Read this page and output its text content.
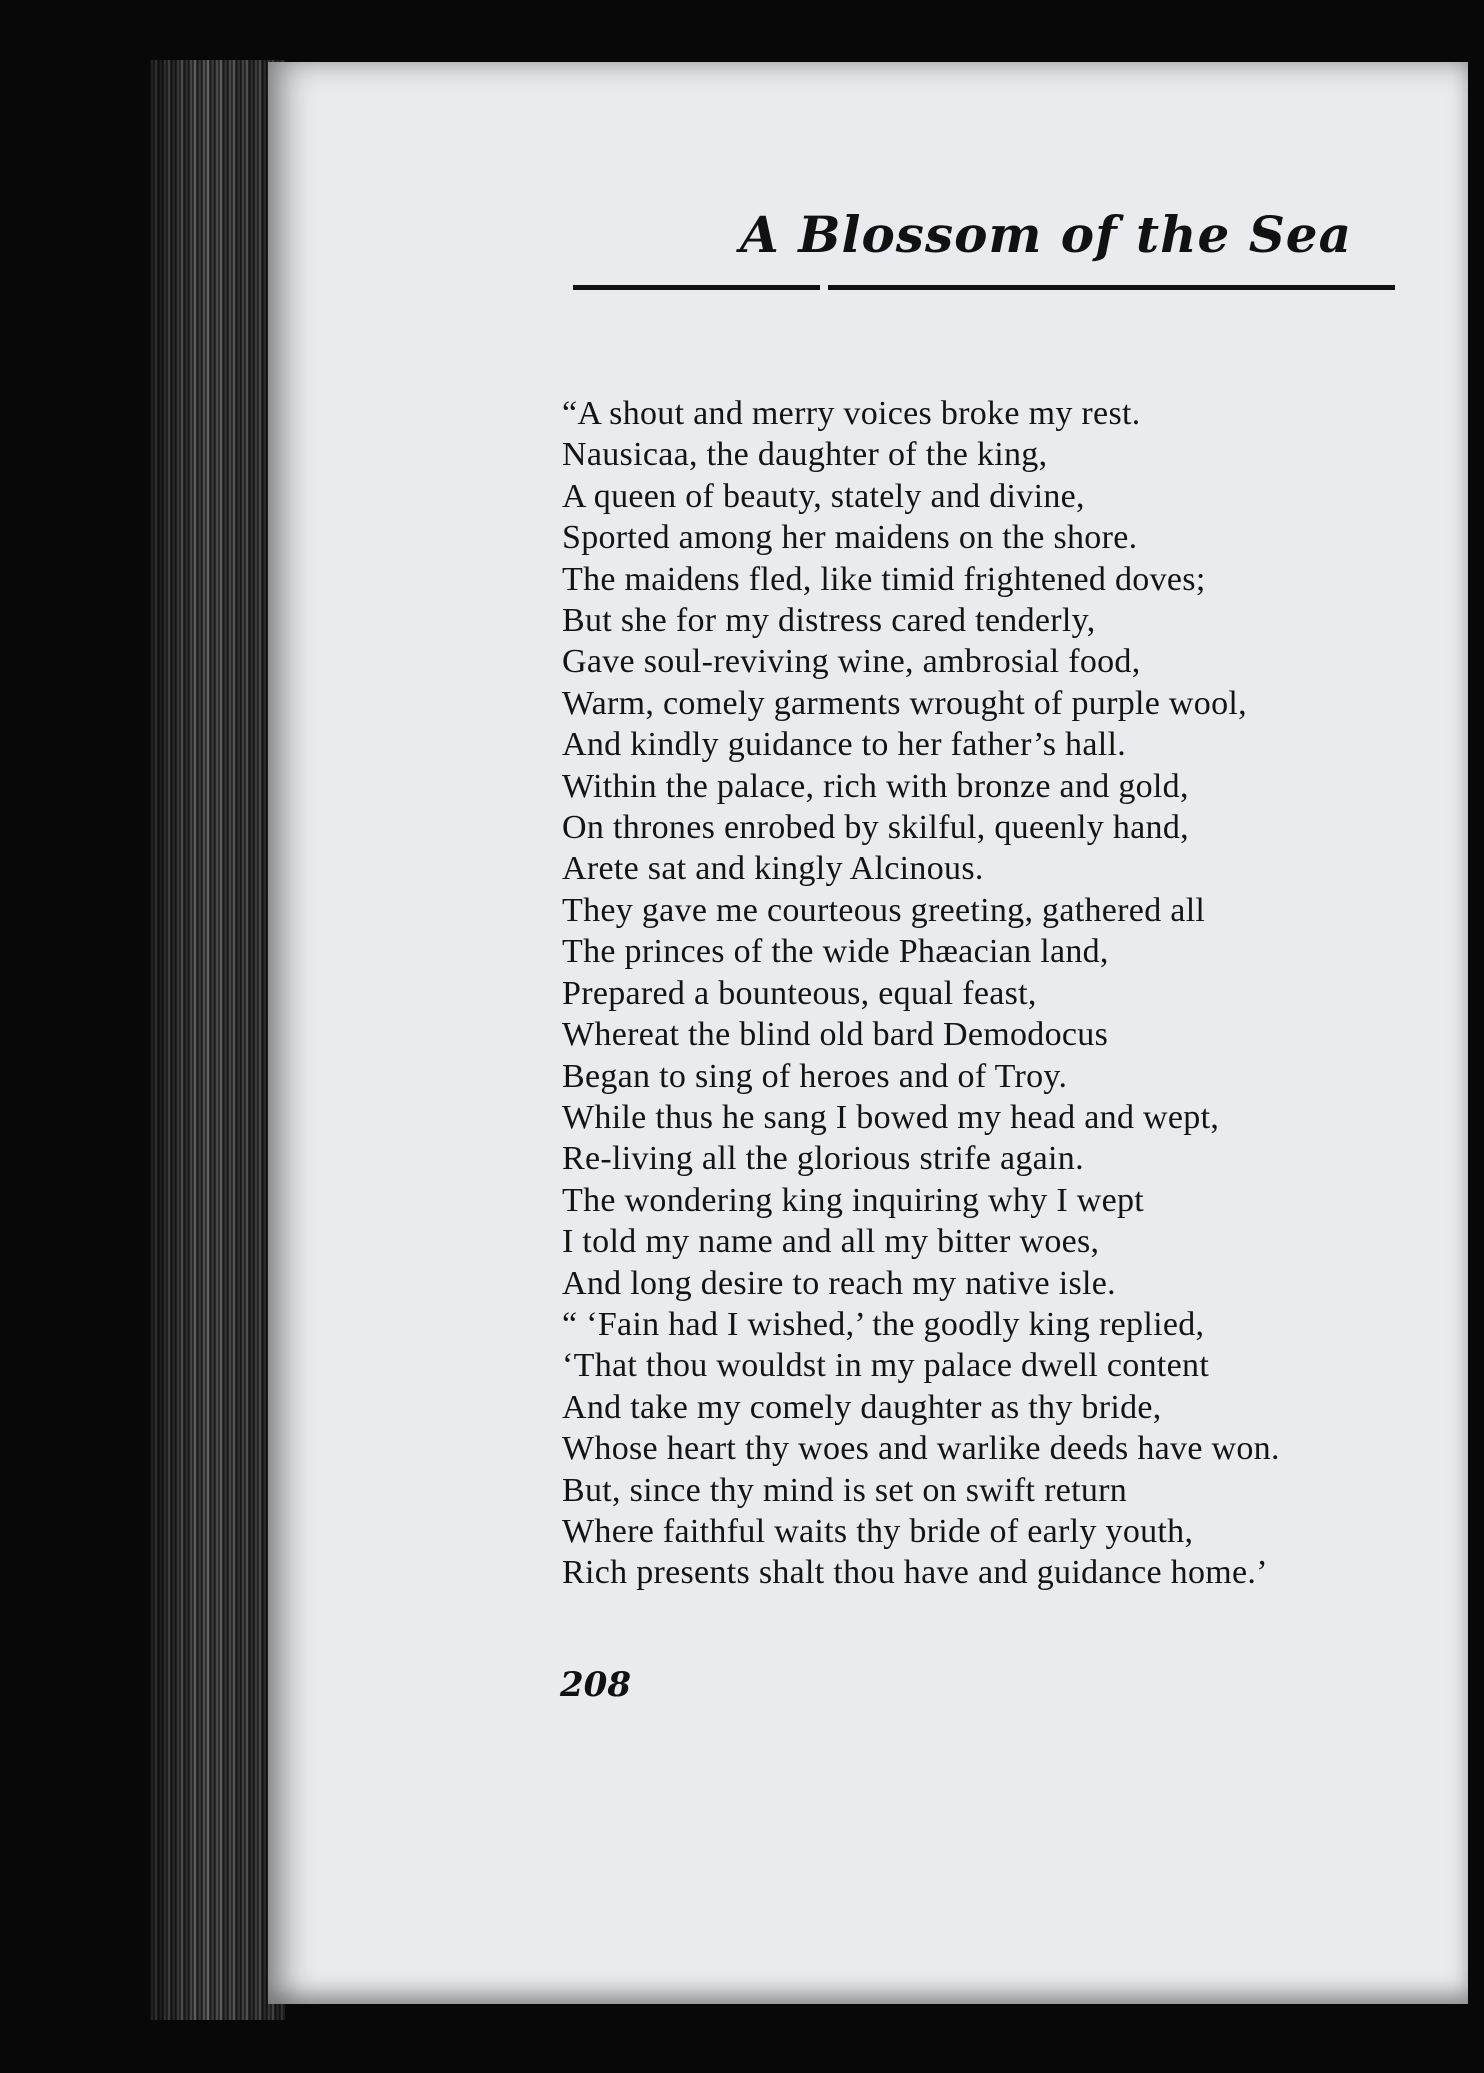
A Blossom of the Sea
“A shout and merry voices broke my rest.
Nausicaa, the daughter of the king,
A queen of beauty, stately and divine,
Sported among her maidens on the shore.
The maidens fled, like timid frightened doves;
But she for my distress cared tenderly,
Gave soul-reviving wine, ambrosial food,
Warm, comely garments wrought of purple wool,
And kindly guidance to her father’s hall.
Within the palace, rich with bronze and gold,
On thrones enrobed by skilful, queenly hand,
Arete sat and kingly Alcinous.
They gave me courteous greeting, gathered all
The princes of the wide Phæacian land,
Prepared a bounteous, equal feast,
Whereat the blind old bard Demodocus
Began to sing of heroes and of Troy.
While thus he sang I bowed my head and wept,
Re-living all the glorious strife again.
The wondering king inquiring why I wept
I told my name and all my bitter woes,
And long desire to reach my native isle.
“ ‘Fain had I wished,’ the goodly king replied,
‘That thou wouldst in my palace dwell content
And take my comely daughter as thy bride,
Whose heart thy woes and warlike deeds have won.
But, since thy mind is set on swift return
Where faithful waits thy bride of early youth,
Rich presents shalt thou have and guidance home.’
208
